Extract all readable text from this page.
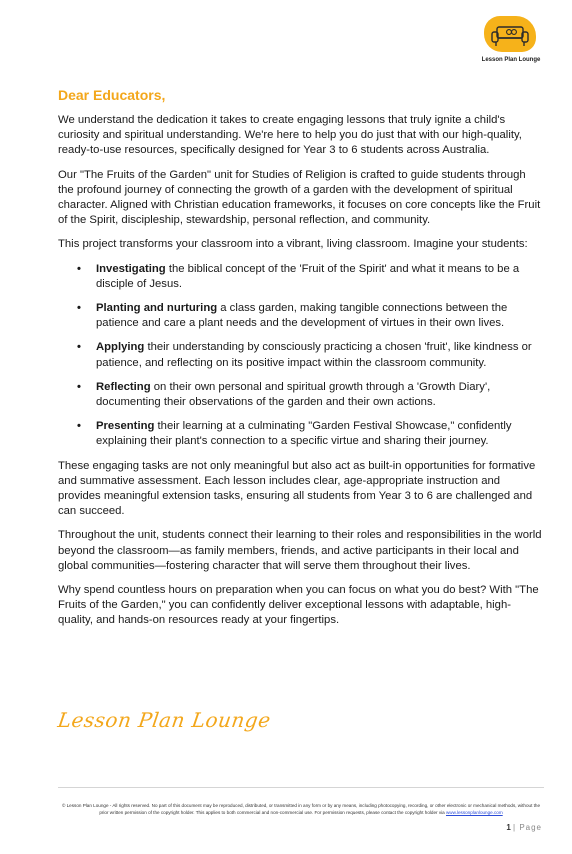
Lesson Plan Lounge
Dear Educators,

We understand the dedication it takes to create engaging lessons that truly ignite a child's curiosity and spiritual understanding. We're here to help you do just that with our high-quality, ready-to-use resources, specifically designed for Year 3 to 6 students across Australia.

Our "The Fruits of the Garden" unit for Studies of Religion is crafted to guide students through the profound journey of connecting the growth of a garden with the development of spiritual character. Aligned with Christian education frameworks, it focuses on core concepts like the Fruit of the Spirit, discipleship, stewardship, personal reflection, and community.

This project transforms your classroom into a vibrant, living classroom. Imagine your students:

• Investigating the biblical concept of the 'Fruit of the Spirit' and what it means to be a disciple of Jesus.
• Planting and nurturing a class garden, making tangible connections between the patience and care a plant needs and the development of virtues in their own lives.
• Applying their understanding by consciously practicing a chosen 'fruit', like kindness or patience, and reflecting on its positive impact within the classroom community.
• Reflecting on their own personal and spiritual growth through a 'Growth Diary', documenting their observations of the garden and their own actions.
• Presenting their learning at a culminating "Garden Festival Showcase," confidently explaining their plant's connection to a specific virtue and sharing their journey.

These engaging tasks are not only meaningful but also act as built-in opportunities for formative and summative assessment. Each lesson includes clear, age-appropriate instruction and provides meaningful extension tasks, ensuring all students from Year 3 to 6 are challenged and can succeed.

Throughout the unit, students connect their learning to their roles and responsibilities in the world beyond the classroom—as family members, friends, and active participants in their local and global communities—fostering character that will serve them throughout their lives.

Why spend countless hours on preparation when you can focus on what you do best? With "The Fruits of the Garden," you can confidently deliver exceptional lessons with adaptable, high-quality, and hands-on resources ready at your fingertips.

Lesson Plan Lounge
© Lesson Plan Lounge - All rights reserved. No part of this document may be reproduced, distributed, or transmitted in any form or by any means, including photocopying, recording, or other electronic or mechanical methods, without the prior written permission of the copyright holder. This applies to both commercial and non-commercial use. For permission requests, please contact the copyright holder via www.lessonplanlounge.com
1 | Page
